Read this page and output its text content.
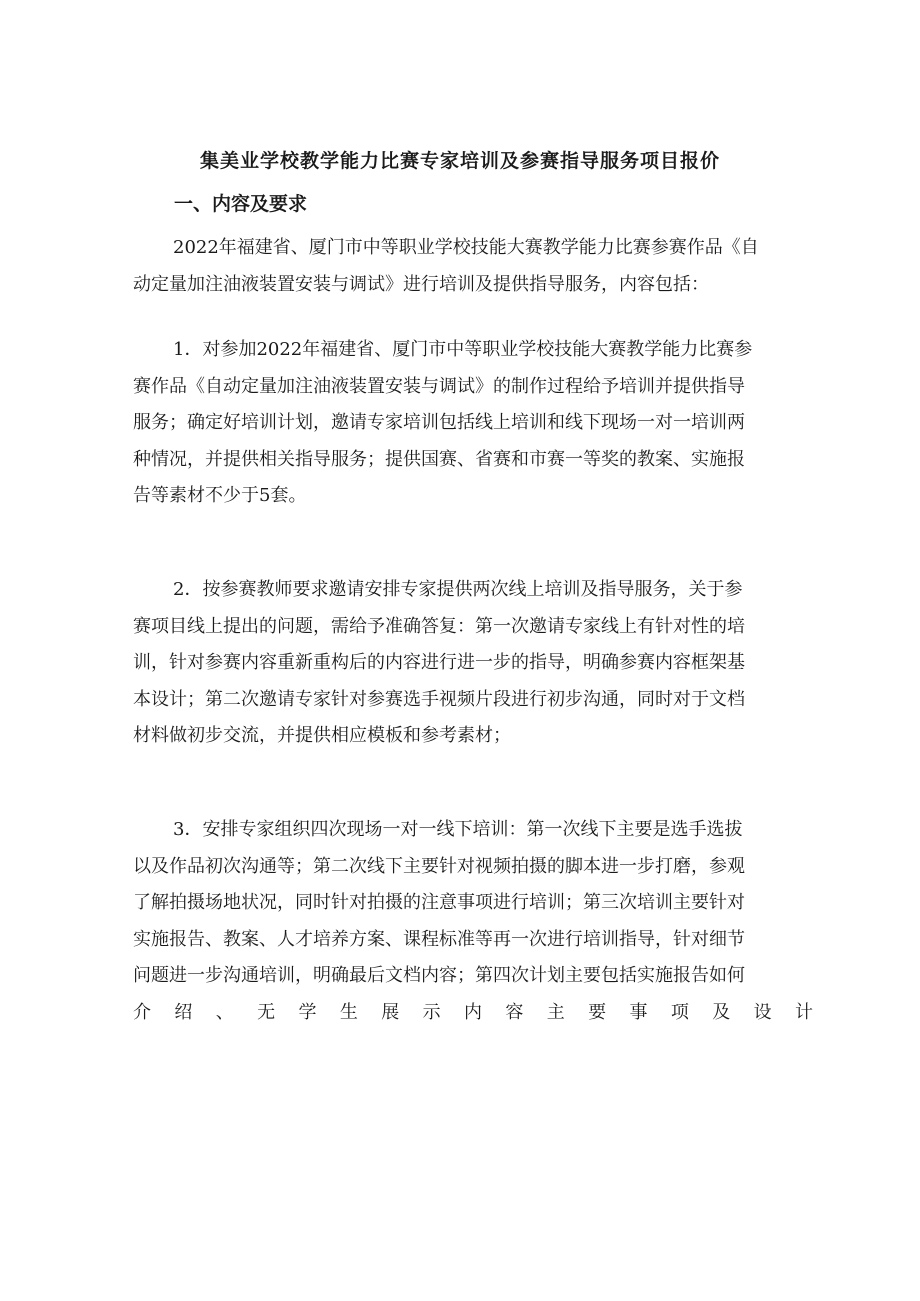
集美业学校教学能力比赛专家培训及参赛指导服务项目报价
一、内容及要求
2022年福建省、厦门市中等职业学校技能大赛教学能力比赛参赛作品《自
动定量加注油液装置安装与调试》进行培训及提供指导服务，内容包括：
1．对参加2022年福建省、厦门市中等职业学校技能大赛教学能力比赛参
赛作品《自动定量加注油液装置安装与调试》的制作过程给予培训并提供指导
服务；确定好培训计划，邀请专家培训包括线上培训和线下现场一对一培训两
种情况，并提供相关指导服务；提供国赛、省赛和市赛一等奖的教案、实施报
告等素材不少于5套。
2．按参赛教师要求邀请安排专家提供两次线上培训及指导服务，关于参
赛项目线上提出的问题，需给予准确答复：第一次邀请专家线上有针对性的培
训，针对参赛内容重新重构后的内容进行进一步的指导，明确参赛内容框架基
本设计；第二次邀请专家针对参赛选手视频片段进行初步沟通，同时对于文档
材料做初步交流，并提供相应模板和参考素材；
3．安排专家组织四次现场一对一线下培训：第一次线下主要是选手选拔
以及作品初次沟通等；第二次线下主要针对视频拍摄的脚本进一步打磨，参观
了解拍摄场地状况，同时针对拍摄的注意事项进行培训；第三次培训主要针对
实施报告、教案、人才培养方案、课程标准等再一次进行培训指导，针对细节
问题进一步沟通培训，明确最后文档内容；第四次计划主要包括实施报告如何
介 绍 、 无 学 生 展 示 内 容 主 要 事 项 及 设 计
